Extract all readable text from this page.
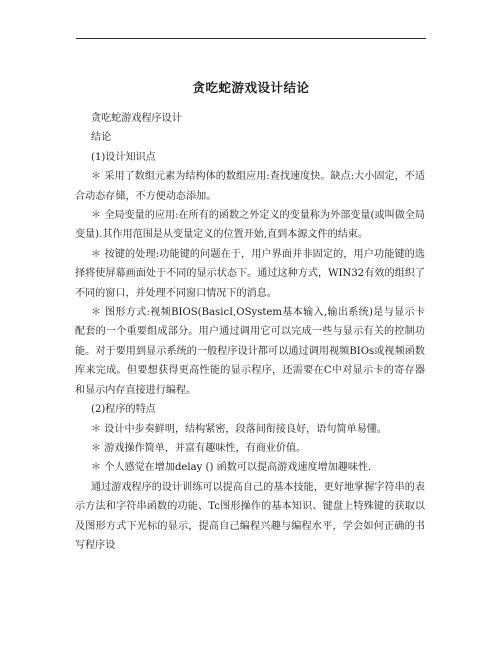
贪吃蛇游戏设计结论

贪吃蛇游戏程序设计

结论

(1)设计知识点

＊ 采用了数组元素为结构体的数组应用:查找速度快。缺点:大小固定，不适合动态存储，不方便动态添加。

＊ 全局变量的应用:在所有的函数之外定义的变量称为外部变量(或叫做全局变量).其作用范围是从变量定义的位置开始,直到本源文件的结束。

＊ 按键的处理:功能键的问题在于，用户界面并非固定的，用户功能键的选择将使屏幕画面处于不同的显示状态下。通过这种方式，WIN32有效的组织了不同的窗口，并处理不同窗口情况下的消息。

＊ 图形方式:视频BIOS(BasicI,OSystem基本输入,输出系统)是与显示卡配套的一个重要组成部分。用户通过调用它可以完成一些与显示有关的控制功能。对于要用到显示系统的一般程序设计都可以通过调用视频BIOs或视频函数库来完成。但要想获得更高性能的显示程序，还需要在C中对显示卡的寄存器和显示内存直接进行编程。

(2)程序的特点

＊ 设计中步奏鲜明，结构紧密，段落间衔接良好，语句简单易懂。

＊ 游戏操作简单，并富有趣味性，有商业价值。

＊ 个人感觉在增加delay () 函数可以提高游戏速度增加趣味性.

通过游戏程序的设计训练可以提高自己的基本技能，更好地掌握字符串的表示方法和字符串函数的功能、Tc图形操作的基本知识、键盘上特殊键的获取以及图形方式下光标的显示，提高自己编程兴趣与编程水平，学会如何正确的书写程序设
